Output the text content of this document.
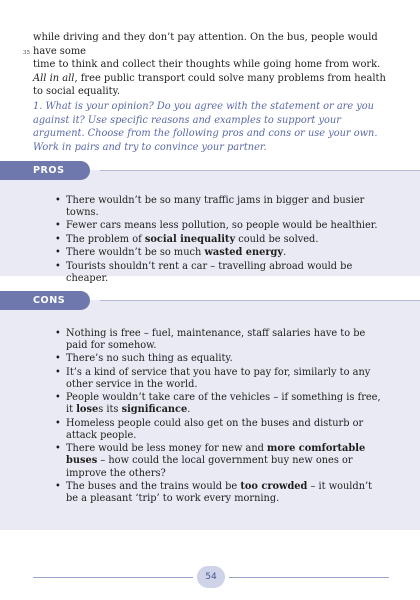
while driving and they don’t pay attention. On the bus, people would have some
time to think and collect their thoughts while going home from work.
All in all, free public transport could solve many problems from health to social equality.

35

1. What is your opinion? Do you agree with the statement or are you against it? Use specific reasons and examples to support your argument. Choose from the following pros and cons or use your own. Work in pairs and try to convince your partner.

PROS
• There wouldn’t be so many traffic jams in bigger and busier towns.
• Fewer cars means less pollution, so people would be healthier.
• The problem of social inequality could be solved.
• There wouldn’t be so much wasted energy.
• Tourists shouldn’t rent a car – travelling abroad would be cheaper.
CONS
• Nothing is free – fuel, maintenance, staff salaries have to be paid for somehow.
• There’s no such thing as equality.
• It’s a kind of service that you have to pay for, similarly to any other service in the world.
• People wouldn’t take care of the vehicles – if something is free, it loses its significance.
• Homeless people could also get on the buses and disturb or attack people.
• There would be less money for new and more comfortable buses – how could the local government buy new ones or improve the others?
• The buses and the trains would be too crowded – it wouldn’t be a pleasant ‘trip’ to work every morning.
54
